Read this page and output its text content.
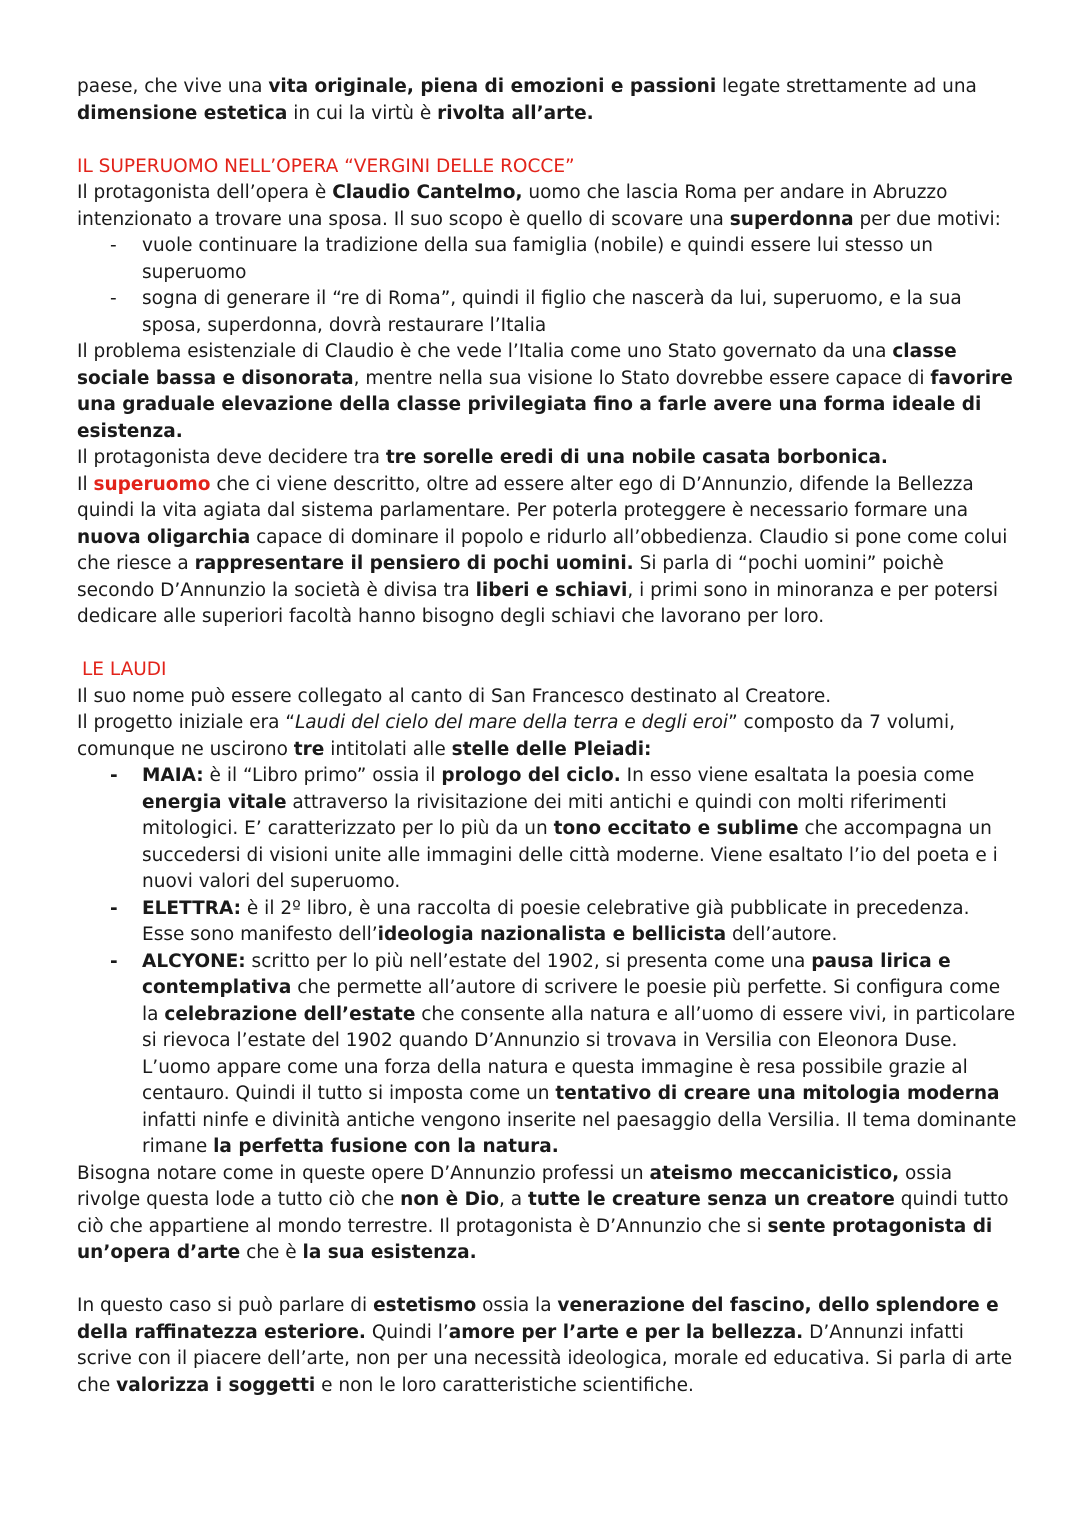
paese, che vive una vita originale, piena di emozioni e passioni legate strettamente ad una dimensione estetica in cui la virtù è rivolta all’arte.

IL SUPERUOMO NELL’OPERA “VERGINI DELLE ROCCE”

Il protagonista dell’opera è Claudio Cantelmo, uomo che lascia Roma per andare in Abruzzo intenzionato a trovare una sposa. Il suo scopo è quello di scovare una superdonna per due motivi:

- vuole continuare la tradizione della sua famiglia (nobile) e quindi essere lui stesso un superuomo
- sogna di generare il “re di Roma”, quindi il figlio che nascerà da lui, superuomo, e la sua sposa, superdonna, dovrà restaurare l’Italia

Il problema esistenziale di Claudio è che vede l’Italia come uno Stato governato da una classe sociale bassa e disonorata, mentre nella sua visione lo Stato dovrebbe essere capace di favorire una graduale elevazione della classe privilegiata fino a farle avere una forma ideale di esistenza.

Il protagonista deve decidere tra tre sorelle eredi di una nobile casata borbonica.

Il superuomo che ci viene descritto, oltre ad essere alter ego di D’Annunzio, difende la Bellezza quindi la vita agiata dal sistema parlamentare. Per poterla proteggere è necessario formare una nuova oligarchia capace di dominare il popolo e ridurlo all’obbedienza. Claudio si pone come colui che riesce a rappresentare il pensiero di pochi uomini. Si parla di “pochi uomini” poichè secondo D’Annunzio la società è divisa tra liberi e schiavi, i primi sono in minoranza e per potersi dedicare alle superiori facoltà hanno bisogno degli schiavi che lavorano per loro.

LE LAUDI

Il suo nome può essere collegato al canto di San Francesco destinato al Creatore.

Il progetto iniziale era “Laudi del cielo del mare della terra e degli eroi” composto da 7 volumi, comunque ne uscirono tre intitolati alle stelle delle Pleiadi:

- MAIA: è il “Libro primo” ossia il prologo del ciclo. In esso viene esaltata la poesia come energia vitale attraverso la rivisitazione dei miti antichi e quindi con molti riferimenti mitologici. E’ caratterizzato per lo più da un tono eccitato e sublime che accompagna un succedersi di visioni unite alle immagini delle città moderne. Viene esaltato l’io del poeta e i nuovi valori del superuomo.
- ELETTRA: è il 2º libro, è una raccolta di poesie celebrative già pubblicate in precedenza. Esse sono manifesto dell’ideologia nazionalista e bellicista dell’autore.
- ALCYONE: scritto per lo più nell’estate del 1902, si presenta come una pausa lirica e contemplativa che permette all’autore di scrivere le poesie più perfette. Si configura come la celebrazione dell’estate che consente alla natura e all’uomo di essere vivi, in particolare si rievoca l’estate del 1902 quando D’Annunzio si trovava in Versilia con Eleonora Duse. L’uomo appare come una forza della natura e questa immagine è resa possibile grazie al centauro. Quindi il tutto si imposta come un tentativo di creare una mitologia moderna infatti ninfe e divinità antiche vengono inserite nel paesaggio della Versilia. Il tema dominante rimane la perfetta fusione con la natura.

Bisogna notare come in queste opere D’Annunzio professi un ateismo meccanicistico, ossia rivolge questa lode a tutto ciò che non è Dio, a tutte le creature senza un creatore quindi tutto ciò che appartiene al mondo terrestre. Il protagonista è D’Annunzio che si sente protagonista di un’opera d’arte che è la sua esistenza.

In questo caso si può parlare di estetismo ossia la venerazione del fascino, dello splendore e della raffinatezza esteriore. Quindi l’amore per l’arte e per la bellezza. D’Annunzi infatti scrive con il piacere dell’arte, non per una necessità ideologica, morale ed educativa. Si parla di arte che valorizza i soggetti e non le loro caratteristiche scientifiche.
